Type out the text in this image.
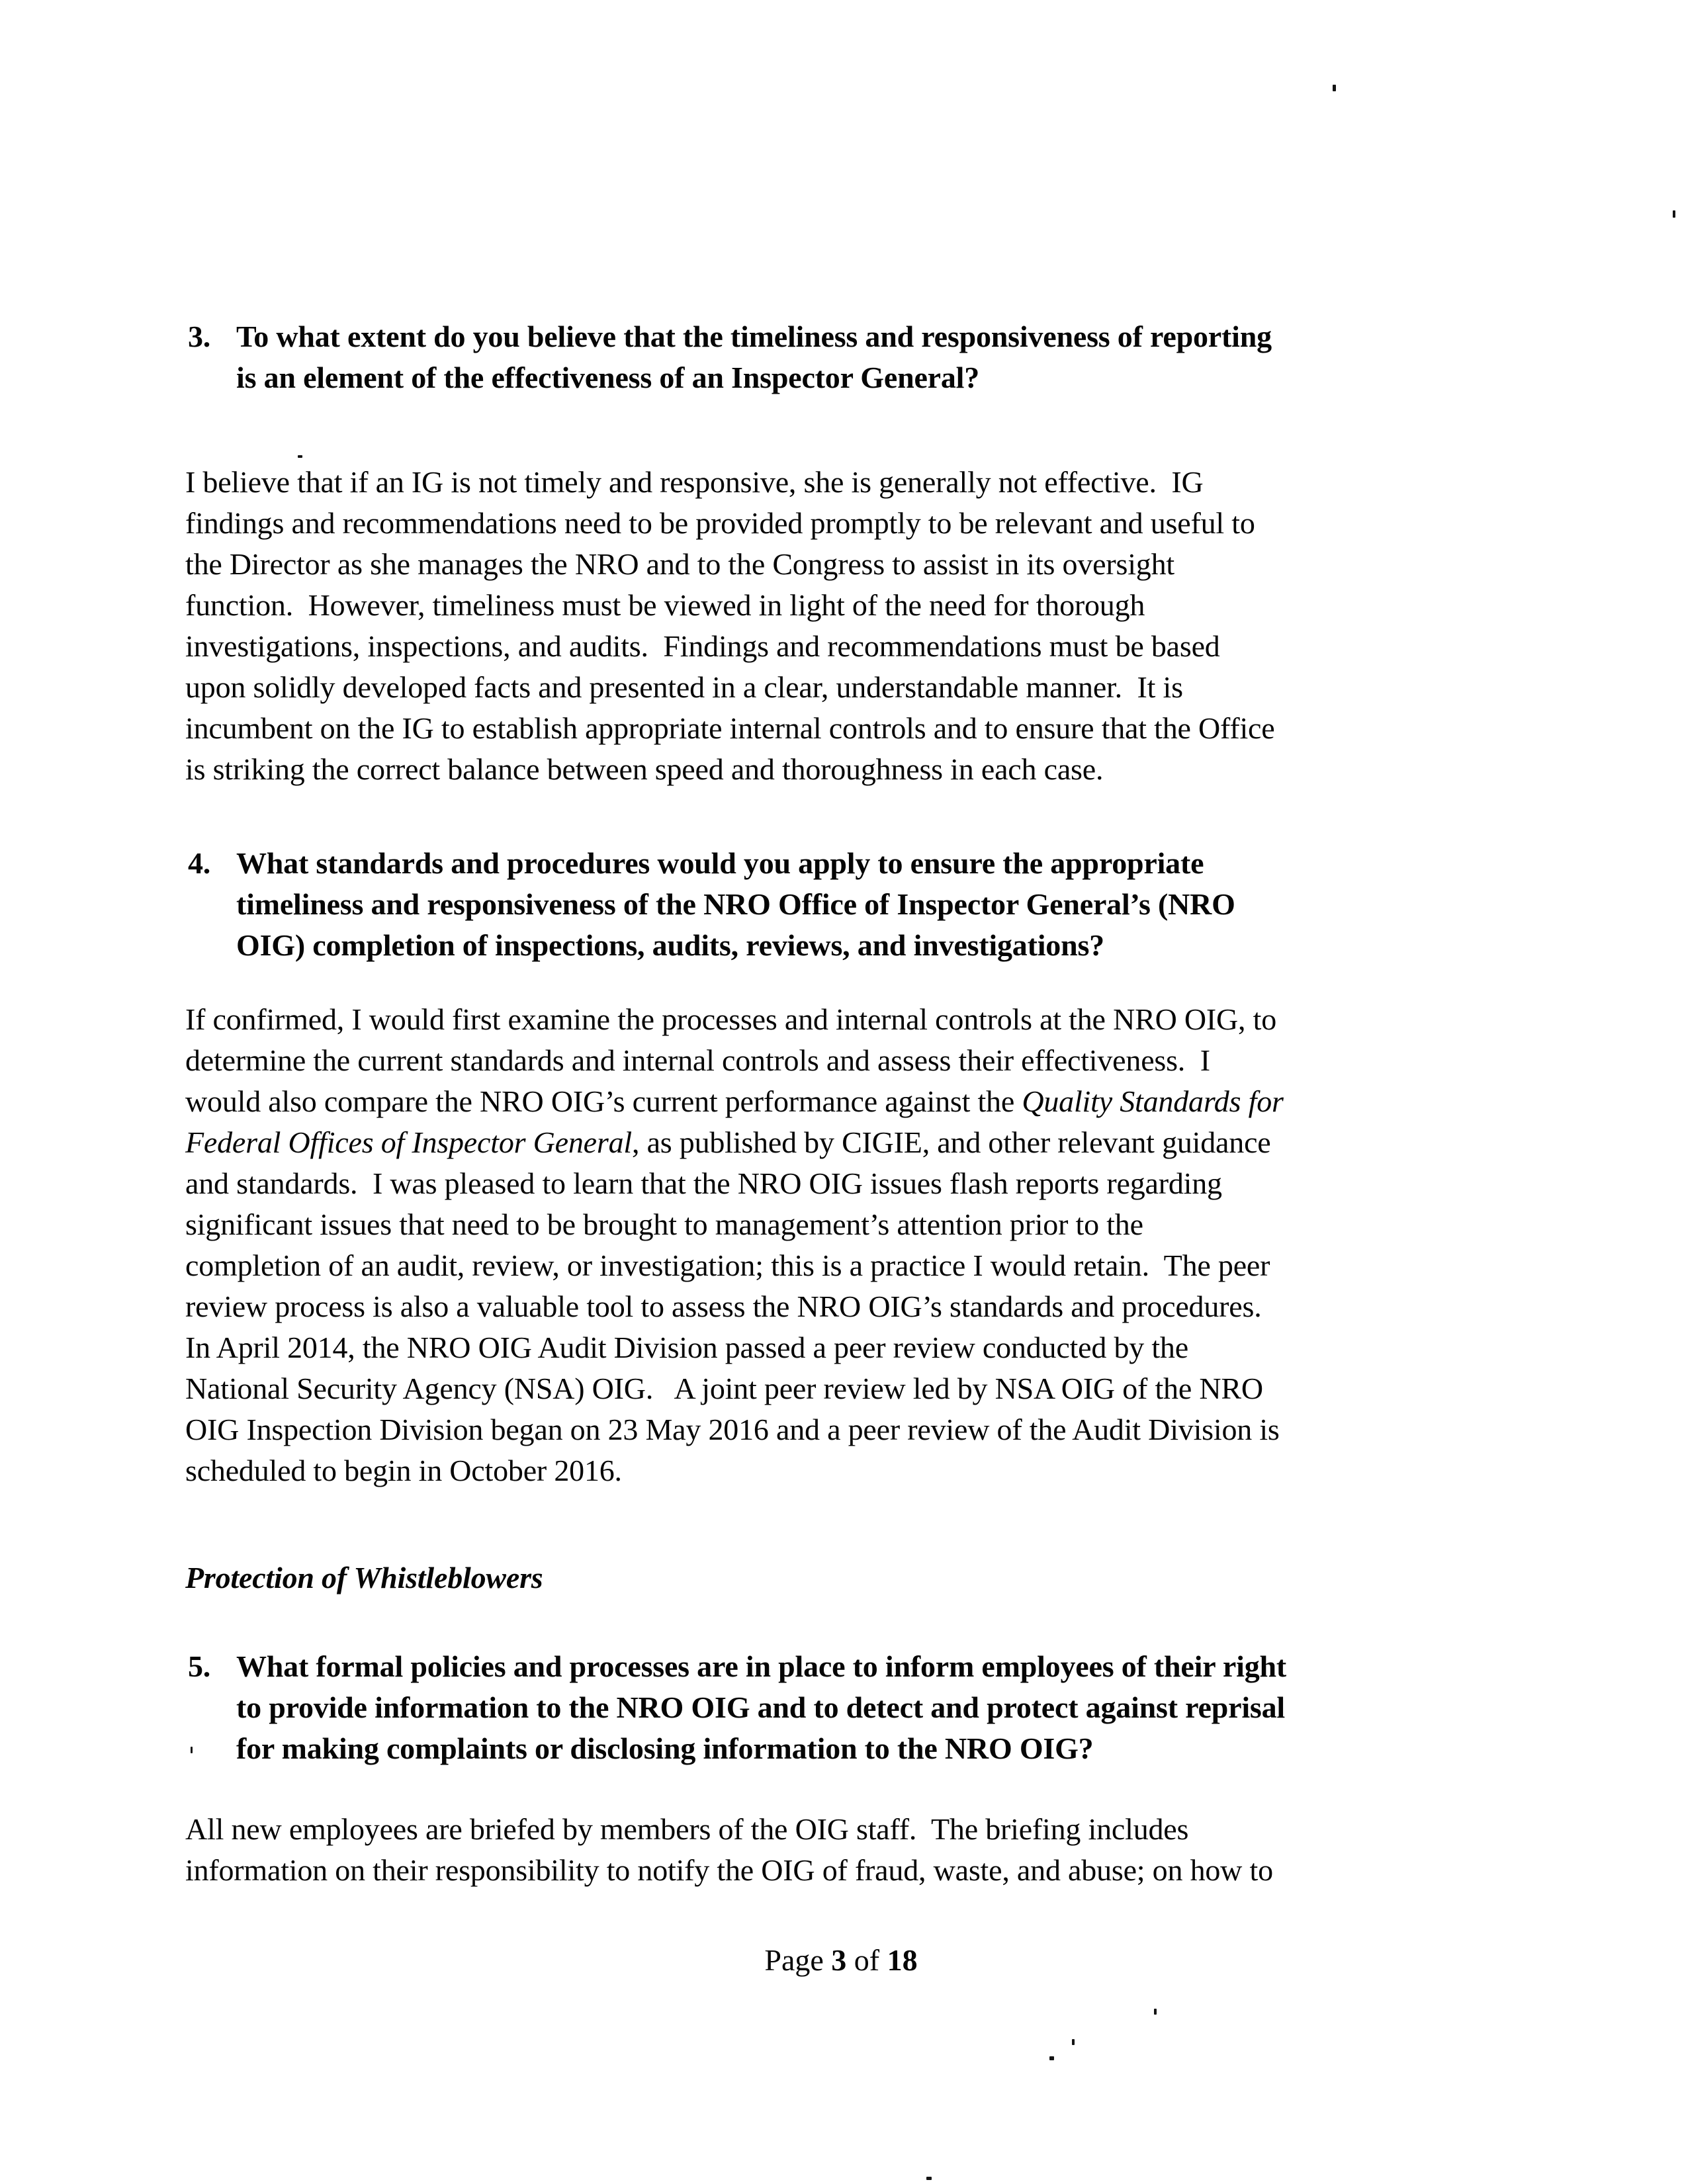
3. To what extent do you believe that the timeliness and responsiveness of reporting
is an element of the effectiveness of an Inspector General?
I believe that if an IG is not timely and responsive, she is generally not effective.  IG
findings and recommendations need to be provided promptly to be relevant and useful to
the Director as she manages the NRO and to the Congress to assist in its oversight
function.  However, timeliness must be viewed in light of the need for thorough
investigations, inspections, and audits.  Findings and recommendations must be based
upon solidly developed facts and presented in a clear, understandable manner.  It is
incumbent on the IG to establish appropriate internal controls and to ensure that the Office
is striking the correct balance between speed and thoroughness in each case.
4. What standards and procedures would you apply to ensure the appropriate
timeliness and responsiveness of the NRO Office of Inspector General’s (NRO
OIG) completion of inspections, audits, reviews, and investigations?
If confirmed, I would first examine the processes and internal controls at the NRO OIG, to
determine the current standards and internal controls and assess their effectiveness.  I
would also compare the NRO OIG’s current performance against the Quality Standards for
Federal Offices of Inspector General, as published by CIGIE, and other relevant guidance
and standards.  I was pleased to learn that the NRO OIG issues flash reports regarding
significant issues that need to be brought to management’s attention prior to the
completion of an audit, review, or investigation; this is a practice I would retain.  The peer
review process is also a valuable tool to assess the NRO OIG’s standards and procedures.
In April 2014, the NRO OIG Audit Division passed a peer review conducted by the
National Security Agency (NSA) OIG.   A joint peer review led by NSA OIG of the NRO
OIG Inspection Division began on 23 May 2016 and a peer review of the Audit Division is
scheduled to begin in October 2016.
Protection of Whistleblowers
5. What formal policies and processes are in place to inform employees of their right
to provide information to the NRO OIG and to detect and protect against reprisal
for making complaints or disclosing information to the NRO OIG?
All new employees are briefed by members of the OIG staff.  The briefing includes
information on their responsibility to notify the OIG of fraud, waste, and abuse; on how to
Page 3 of 18
